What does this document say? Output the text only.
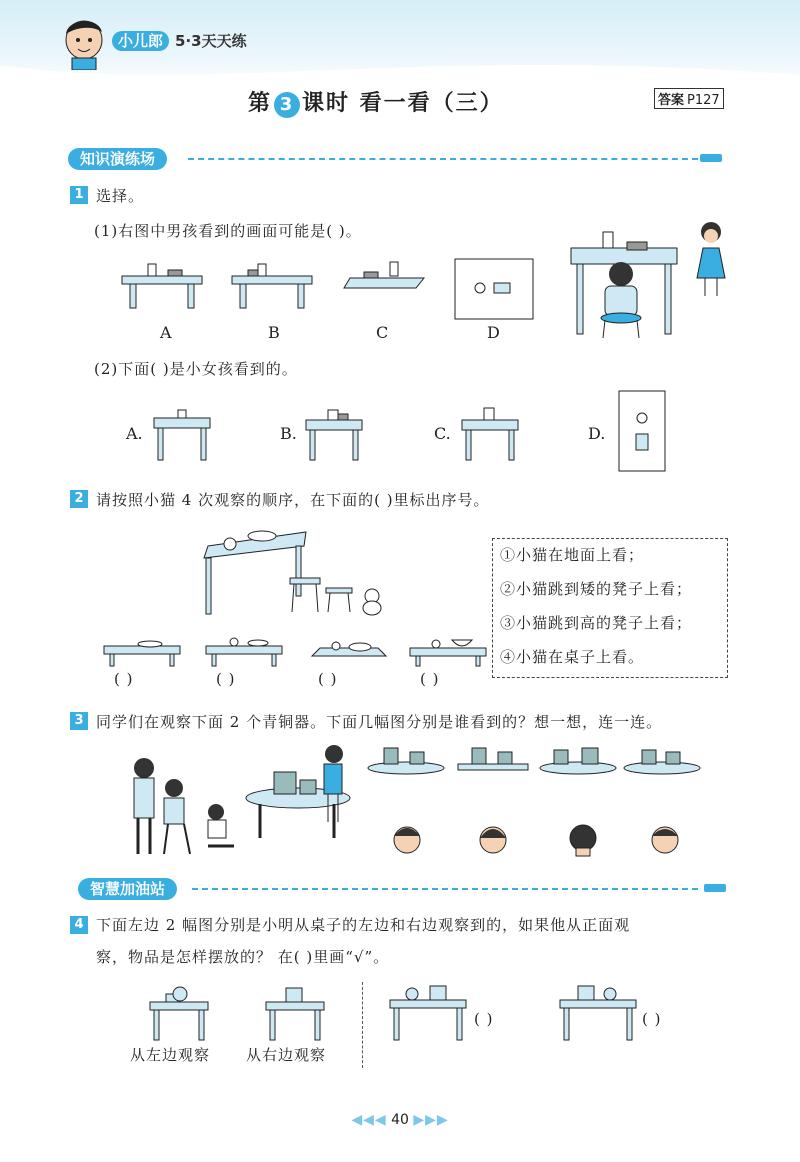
小儿郎 5·3天天练
第 3 课时 看一看（三）	答案 P127
知识演练场
1 选择。
(1)右图中男孩看到的画面可能是( )。
A	B	C	D
(2)下面( )是小女孩看到的。
A.	B.	C.	D.
2 请按照小猫 4 次观察的顺序，在下面的( )里标出序号。
( )	( )	( )	( )
①小猫在地面上看；
②小猫跳到矮的凳子上看；
③小猫跳到高的凳子上看；
④小猫在桌子上看。
3 同学们在观察下面 2 个青铜器。下面几幅图分别是谁看到的？想一想，连一连。
智慧加油站
4 下面左边 2 幅图分别是小明从桌子的左边和右边观察到的，如果他从正面观
察，物品是怎样摆放的？ 在( )里画“√”。
从左边观察 从右边观察
( )	( )
◀◀◀ 40 ▶▶▶
